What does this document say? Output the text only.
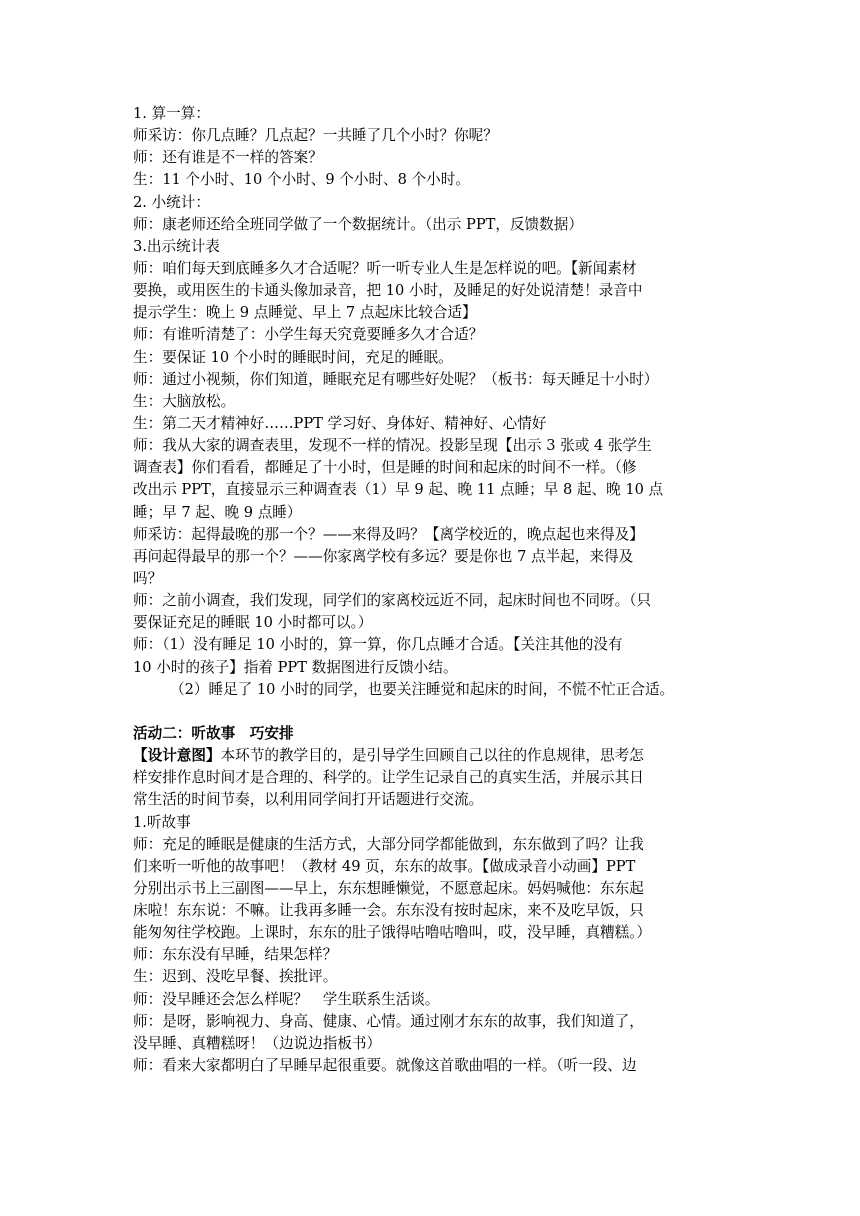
1. 算一算：
师采访：你几点睡？几点起？一共睡了几个小时？你呢？
师：还有谁是不一样的答案？
生：11 个小时、10 个小时、9 个小时、8 个小时。
2. 小统计：
师：康老师还给全班同学做了一个数据统计。（出示 PPT，反馈数据）
3.出示统计表
师：咱们每天到底睡多久才合适呢？听一听专业人生是怎样说的吧。【新闻素材
要换，或用医生的卡通头像加录音，把 10 小时，及睡足的好处说清楚！录音中
提示学生：晚上 9 点睡觉、早上 7 点起床比较合适】
师：有谁听清楚了：小学生每天究竟要睡多久才合适？
生：要保证 10 个小时的睡眠时间，充足的睡眠。
师：通过小视频，你们知道，睡眠充足有哪些好处呢？（板书：每天睡足十小时）
生：大脑放松。
生：第二天才精神好……PPT 学习好、身体好、精神好、心情好
师：我从大家的调查表里，发现不一样的情况。投影呈现【出示 3 张或 4 张学生
调查表】你们看看，都睡足了十小时，但是睡的时间和起床的时间不一样。（修
改出示 PPT，直接显示三种调查表（1）早 9 起、晚 11 点睡；早 8 起、晚 10 点
睡；早 7 起、晚 9 点睡）
师采访：起得最晚的那一个？——来得及吗？【离学校近的，晚点起也来得及】
再问起得最早的那一个？——你家离学校有多远？要是你也 7 点半起，来得及
吗？
师：之前小调查，我们发现，同学们的家离校远近不同，起床时间也不同呀。（只
要保证充足的睡眠 10 小时都可以。）
师：（1）没有睡足 10 小时的，算一算，你几点睡才合适。【关注其他的没有
10 小时的孩子】指着 PPT 数据图进行反馈小结。
（2）睡足了 10 小时的同学，也要关注睡觉和起床的时间，不慌不忙正合适。
活动二：听故事　巧安排
【设计意图】本环节的教学目的，是引导学生回顾自己以往的作息规律，思考怎
样安排作息时间才是合理的、科学的。让学生记录自己的真实生活，并展示其日
常生活的时间节奏，以利用同学间打开话题进行交流。
1.听故事
师：充足的睡眠是健康的生活方式，大部分同学都能做到，东东做到了吗？让我
们来听一听他的故事吧！（教材 49 页，东东的故事。【做成录音小动画】PPT
分别出示书上三副图——早上，东东想睡懒觉，不愿意起床。妈妈喊他：东东起
床啦！东东说：不嘛。让我再多睡一会。东东没有按时起床，来不及吃早饭，只
能匆匆往学校跑。上课时，东东的肚子饿得咕噜咕噜叫，哎，没早睡，真糟糕。）
师：东东没有早睡，结果怎样？
生：迟到、没吃早餐、挨批评。
师：没早睡还会怎么样呢？　学生联系生活谈。
师：是呀，影响视力、身高、健康、心情。通过刚才东东的故事，我们知道了，
没早睡、真糟糕呀！（边说边指板书）
师：看来大家都明白了早睡早起很重要。就像这首歌曲唱的一样。（听一段、边
